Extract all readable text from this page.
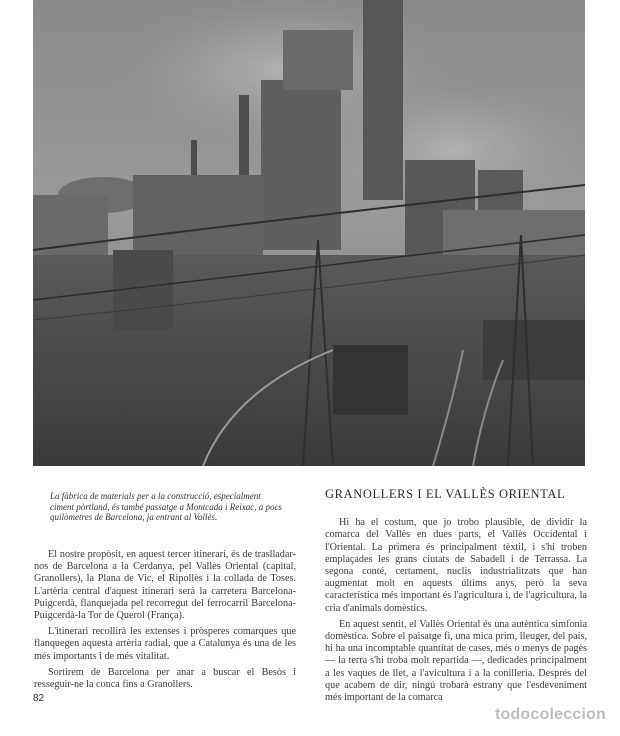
La fàbrica de materials per a la construcció, especialment
ciment pòrtland, és també passatge a Montcada i Reixac, a pocs
quilòmetres de Barcelona, ja entrant al Vallès.

El nostre propòsit, en aquest tercer itinerari, és de traslladar-nos de Barcelona a la Cerdanya, pel Vallès Oriental (capital, Granollers), la Plana de Vic, el Ripollès i la collada de Toses. L'artèria central d'aquest itinerari serà la carretera Barcelona-Puigcerdà, flanquejada pel recorregut del ferrocarril Barcelona-Puigcerdà-la Tor de Querol (França).

L'itinerari recollirà les extenses i pròsperes comarques que flanquegen aquesta artèria radial, que a Catalunya és una de les més importants i de més vitalitat.

Sortirem de Barcelona per anar a buscar el Besòs i resseguir-ne la conca fins a Granollers.

GRANOLLERS I EL VALLÈS ORIENTAL

Hi ha el costum, que jo trobo plausible, de dividir la comarca del Vallès en dues parts, el Vallès Occidental i l'Oriental. La primera és principalment tèxtil, i s'hi troben emplaçades les grans ciutats de Sabadell i de Terrassa. La segona conté, certament, nuclis industrialitzats que han augmentat molt en aquests últims anys, però la seva característica més important és l'agricultura i, de l'agricultura, la cria d'animals domèstics.

En aquest sentit, el Vallès Oriental és una autèntica simfonia domèstica. Sobre el paisatge fi, una mica prim, lleuger, del país, hi ha una incomptable quantitat de cases, més o menys de pagès — la terra s'hi troba molt repartida —, dedicades principalment a les vaques de llet, a l'avicultura i a la conilleria. Després del que acabem de dir, ningú trobarà estrany que l'esdeveniment més important de la comarca

82
todocoleccion
